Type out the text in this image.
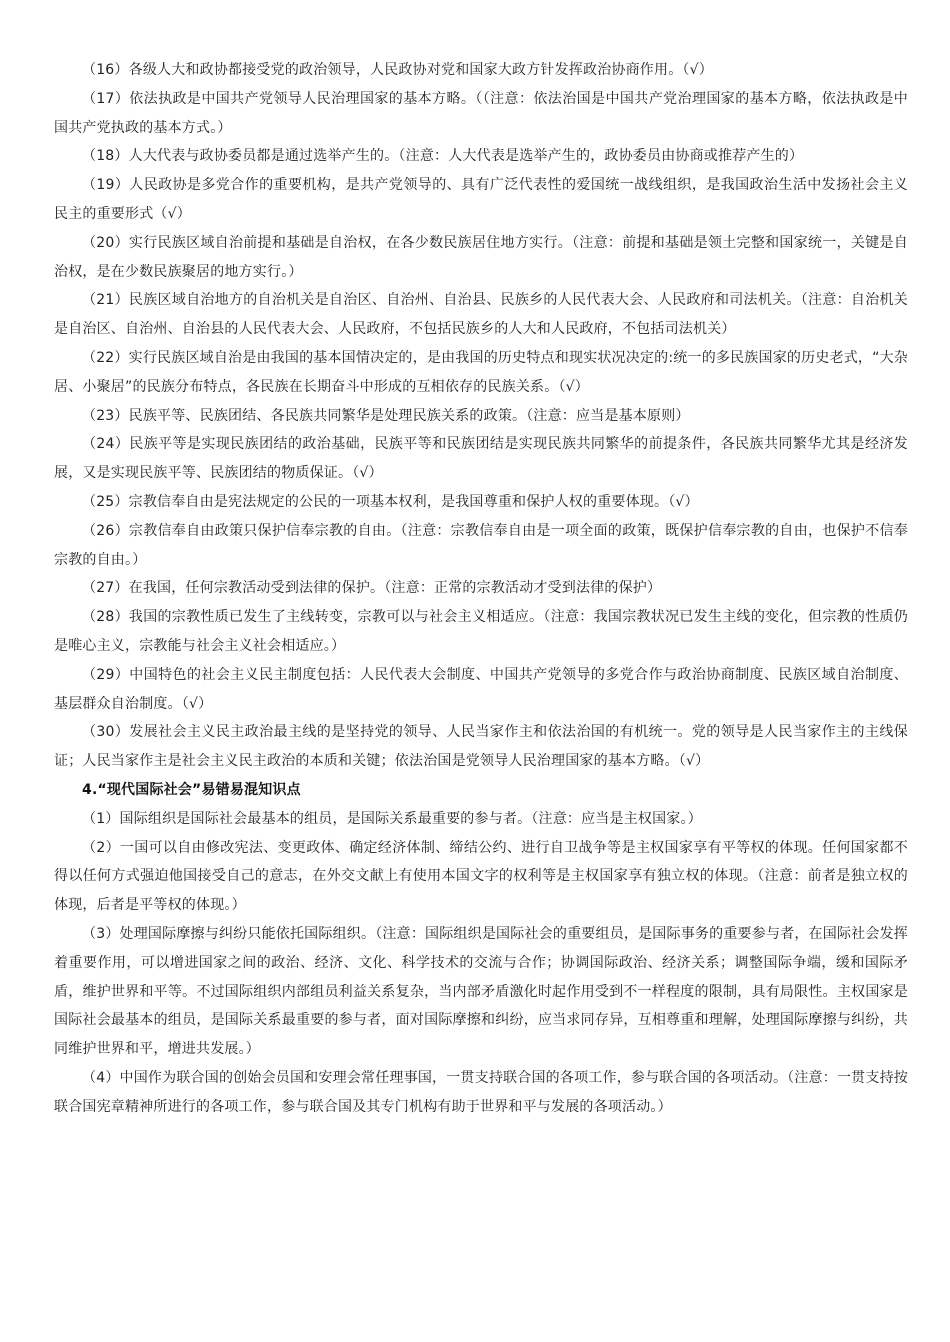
（16）各级人大和政协都接受党的政治领导，人民政协对党和国家大政方针发挥政治协商作用。（√）

（17）依法执政是中国共产党领导人民治理国家的基本方略。（（注意：依法治国是中国共产党治理国家的基本方略，依法执政是中国共产党执政的基本方式。）

（18）人大代表与政协委员都是通过选举产生的。（注意：人大代表是选举产生的，政协委员由协商或推荐产生的）

（19）人民政协是多党合作的重要机构，是共产党领导的、具有广泛代表性的爱国统一战线组织，是我国政治生活中发扬社会主义民主的重要形式（√）

（20）实行民族区域自治前提和基础是自治权，在各少数民族居住地方实行。（注意：前提和基础是领土完整和国家统一，关键是自治权，是在少数民族聚居的地方实行。）

（21）民族区域自治地方的自治机关是自治区、自治州、自治县、民族乡的人民代表大会、人民政府和司法机关。（注意：自治机关是自治区、自治州、自治县的人民代表大会、人民政府，不包括民族乡的人大和人民政府，不包括司法机关）

（22）实行民族区域自治是由我国的基本国情决定的，是由我国的历史特点和现实状况决定的:统一的多民族国家的历史老式，“大杂居、小聚居”的民族分布特点，各民族在长期奋斗中形成的互相依存的民族关系。（√）

（23）民族平等、民族团结、各民族共同繁华是处理民族关系的政策。（注意：应当是基本原则）

（24）民族平等是实现民族团结的政治基础，民族平等和民族团结是实现民族共同繁华的前提条件，各民族共同繁华尤其是经济发展，又是实现民族平等、民族团结的物质保证。（√）

（25）宗教信奉自由是宪法规定的公民的一项基本权利，是我国尊重和保护人权的重要体现。（√）

（26）宗教信奉自由政策只保护信奉宗教的自由。（注意：宗教信奉自由是一项全面的政策，既保护信奉宗教的自由，也保护不信奉宗教的自由。）

（27）在我国，任何宗教活动受到法律的保护。（注意：正常的宗教活动才受到法律的保护）

（28）我国的宗教性质已发生了主线转变，宗教可以与社会主义相适应。（注意：我国宗教状况已发生主线的变化，但宗教的性质仍是唯心主义，宗教能与社会主义社会相适应。）

（29）中国特色的社会主义民主制度包括：人民代表大会制度、中国共产党领导的多党合作与政治协商制度、民族区域自治制度、基层群众自治制度。（√）

（30）发展社会主义民主政治最主线的是坚持党的领导、人民当家作主和依法治国的有机统一。党的领导是人民当家作主的主线保证；人民当家作主是社会主义民主政治的本质和关键；依法治国是党领导人民治理国家的基本方略。（√）

4.“现代国际社会”易错易混知识点

（1）国际组织是国际社会最基本的组员，是国际关系最重要的参与者。（注意：应当是主权国家。）

（2）一国可以自由修改宪法、变更政体、确定经济体制、缔结公约、进行自卫战争等是主权国家享有平等权的体现。任何国家都不得以任何方式强迫他国接受自己的意志，在外交文献上有使用本国文字的权利等是主权国家享有独立权的体现。（注意：前者是独立权的体现，后者是平等权的体现。）

（3）处理国际摩擦与纠纷只能依托国际组织。（注意：国际组织是国际社会的重要组员，是国际事务的重要参与者，在国际社会发挥着重要作用，可以增进国家之间的政治、经济、文化、科学技术的交流与合作；协调国际政治、经济关系；调整国际争端，缓和国际矛盾，维护世界和平等。不过国际组织内部组员利益关系复杂，当内部矛盾激化时起作用受到不一样程度的限制，具有局限性。主权国家是国际社会最基本的组员，是国际关系最重要的参与者，面对国际摩擦和纠纷，应当求同存异，互相尊重和理解，处理国际摩擦与纠纷，共同维护世界和平，增进共发展。）

（4）中国作为联合国的创始会员国和安理会常任理事国，一贯支持联合国的各项工作，参与联合国的各项活动。（注意：一贯支持按联合国宪章精神所进行的各项工作，参与联合国及其专门机构有助于世界和平与发展的各项活动。）
